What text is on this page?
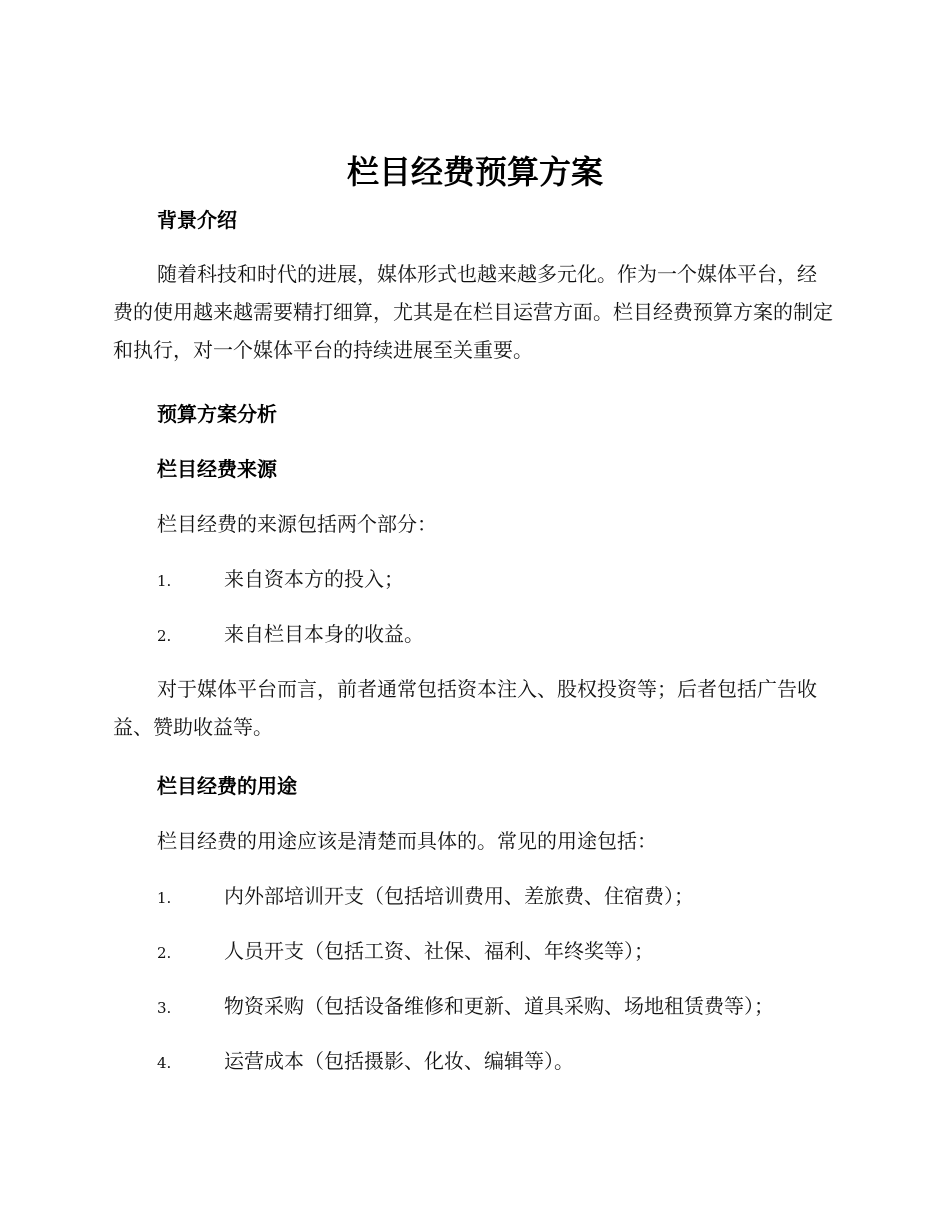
栏目经费预算方案
背景介绍

随着科技和时代的进展，媒体形式也越来越多元化。作为一个媒体平台，经费的使用越来越需要精打细算，尤其是在栏目运营方面。栏目经费预算方案的制定和执行，对一个媒体平台的持续进展至关重要。

预算方案分析
栏目经费来源
栏目经费的来源包括两个部分：
1.	来自资本方的投入；
2.	来自栏目本身的收益。

对于媒体平台而言，前者通常包括资本注入、股权投资等；后者包括广告收益、赞助收益等。

栏目经费的用途
栏目经费的用途应该是清楚而具体的。常见的用途包括：
1.	内外部培训开支（包括培训费用、差旅费、住宿费）；
2.	人员开支（包括工资、社保、福利、年终奖等）；
3.	物资采购（包括设备维修和更新、道具采购、场地租赁费等）；
4.	运营成本（包括摄影、化妆、编辑等）。
